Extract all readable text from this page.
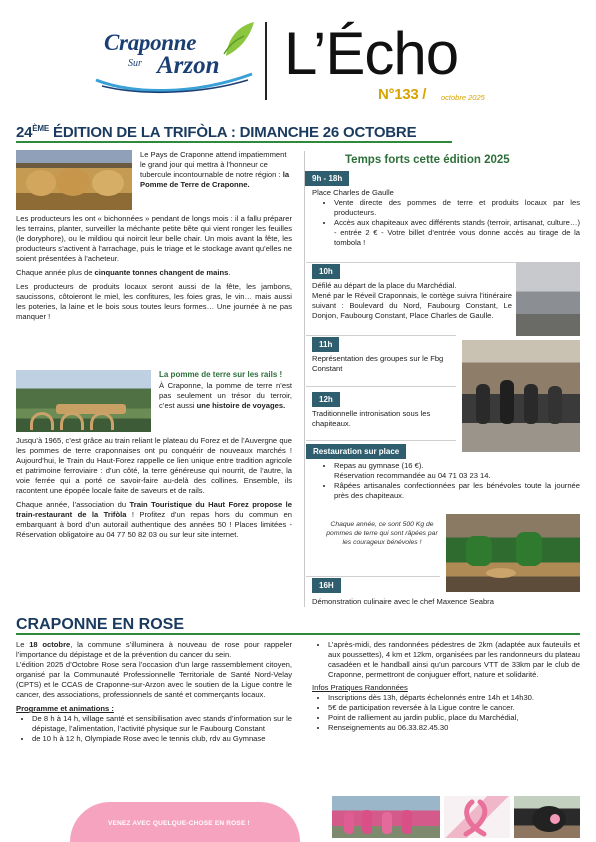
Craponne
Sur Arzon L’Écho
N°133 / octobre 2025
24ÈME ÉDITION DE LA TRIFÒLA : DIMANCHE 26 OCTOBRE
Le Pays de Craponne attend impatiemment le grand jour qui mettra à l’honneur ce tubercule incontournable de notre région : la Pomme de Terre de Craponne.

Les producteurs les ont « bichonnées » pendant de longs mois : il a fallu préparer les terrains, planter, surveiller la méchante petite bête qui vient ronger les feuilles (le doryphore), ou le mildiou qui noircit leur belle chair. Un mois avant la fête, les producteurs s’activent à l’arrachage, puis le triage et le stockage avant qu’elles ne soient présentées à l’acheteur.

Chaque année plus de cinquante tonnes changent de mains.

Les producteurs de produits locaux seront aussi de la fête, les jambons, saucissons, côtoieront le miel, les confitures, les foies gras, le vin… mais aussi les poteries, la laine et le bois sous toutes leurs formes… Une journée à ne pas manquer !

La pomme de terre sur les rails !
À Craponne, la pomme de terre n’est pas seulement un trésor du terroir, c’est aussi une histoire de voyages.

Jusqu’à 1965, c’est grâce au train reliant le plateau du Forez et de l’Auvergne que les pommes de terre craponnaises ont pu conquérir de nouveaux marchés ! Aujourd’hui, le Train du Haut-Forez rappelle ce lien unique entre tradition agricole et patrimoine ferroviaire : d’un côté, la terre généreuse qui nourrit, de l’autre, la voie ferrée qui a porté ce savoir-faire au-delà des collines. Ensemble, ils racontent une épopée locale faite de saveurs et de rails.

Chaque année, l’association du Train Touristique du Haut Forez propose le train-restaurant de la Trifòla ! Profitez d’un repas hors du commun en embarquant à bord d’un autorail authentique des années 50 ! Places limitées - Réservation obligatoire au 04 77 50 82 03 ou sur leur site internet.

Temps forts cette édition 2025
9h - 18h
Place Charles de Gaulle
• Vente directe des pommes de terre et produits locaux par les producteurs.
• Accès aux chapiteaux avec différents stands (terroir, artisanat, culture…) - entrée 2 € - Votre billet d’entrée vous donne accès au tirage de la tombola !
10h
Défilé au départ de la place du Marchédial.
Mené par le Réveil Craponnais, le cortège suivra l’itinéraire suivant : Boulevard du Nord, Faubourg Constant, Le Donjon, Faubourg Constant, Place Charles de Gaulle.
11h
Représentation des groupes sur le Fbg Constant
12h
Traditionnelle intronisation sous les chapiteaux.
Restauration sur place
• Repas au gymnase (16 €).
Réservation recommandée au 04 71 03 23 14.
• Râpées artisanales confectionnées par les bénévoles toute la journée près des chapiteaux.
Chaque année, ce sont 500 Kg de pommes de terre qui sont râpées par les courageux bénévoles !
16H
Démonstration culinaire avec le chef Maxence Seabra
CRAPONNE EN ROSE

Le 18 octobre, la commune s’illuminera à nouveau de rose pour rappeler l’importance du dépistage et de la prévention du cancer du sein.

L’édition 2025 d’Octobre Rose sera l’occasion d’un large rassemblement citoyen, organisé par la Communauté Professionnelle Territoriale de Santé Nord-Velay (CPTS) et le CCAS de Craponne-sur-Arzon avec le soutien de la Ligue contre le cancer, des associations, professionnels de santé et commerçants locaux.

Programme et animations :
• De 8 h à 14 h, village santé et sensibilisation avec stands d’information sur le dépistage, l’alimentation, l’activité physique sur le Faubourg Constant
• de 10 h à 12 h, Olympiade Rose avec le tennis club, rdv au Gymnase
• L’après-midi, des randonnées pédestres de 2km (adaptée aux fauteuils et aux poussettes), 4 km et 12km, organisées par les randonneurs du plateau casadéen et le handball ainsi qu’un parcours VTT de 33km par le club de Craponne, permettront de conjuguer effort, nature et solidarité.
Infos Pratiques Randonnées
• Inscriptions dès 13h, départs échelonnés entre 14h et 14h30.
• 5€ de participation reversée à la Ligue contre le cancer.
• Point de ralliement au jardin public, place du Marchédial,
• Renseignements au 06.33.82.45.30
VENEZ AVEC QUELQUE-CHOSE EN ROSE !
